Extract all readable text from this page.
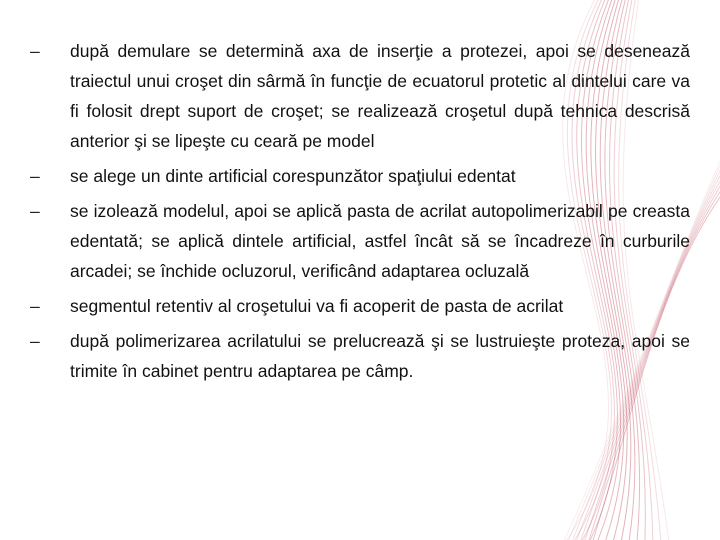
–	după demulare se determină axa de inserţie a protezei, apoi se desenează traiectul unui croşet din sârmă în funcţie de ecuatorul protetic al dintelui care va fi folosit drept suport de croşet; se realizează croşetul după tehnica descrisă anterior şi se lipeşte cu ceară pe model
–	se alege un dinte artificial corespunzător spaţiului edentat
–	se izolează modelul, apoi se aplică pasta de acrilat autopolimerizabil pe creasta edentată; se aplică dintele artificial, astfel încât să se încadreze în curburile arcadei; se închide ocluzorul, verificând adaptarea ocluzală
–	segmentul retentiv al croşetului va fi acoperit de pasta de acrilat
–	după polimerizarea acrilatului se prelucrează şi se lustruieşte proteza, apoi se trimite în cabinet pentru adaptarea pe câmp.
